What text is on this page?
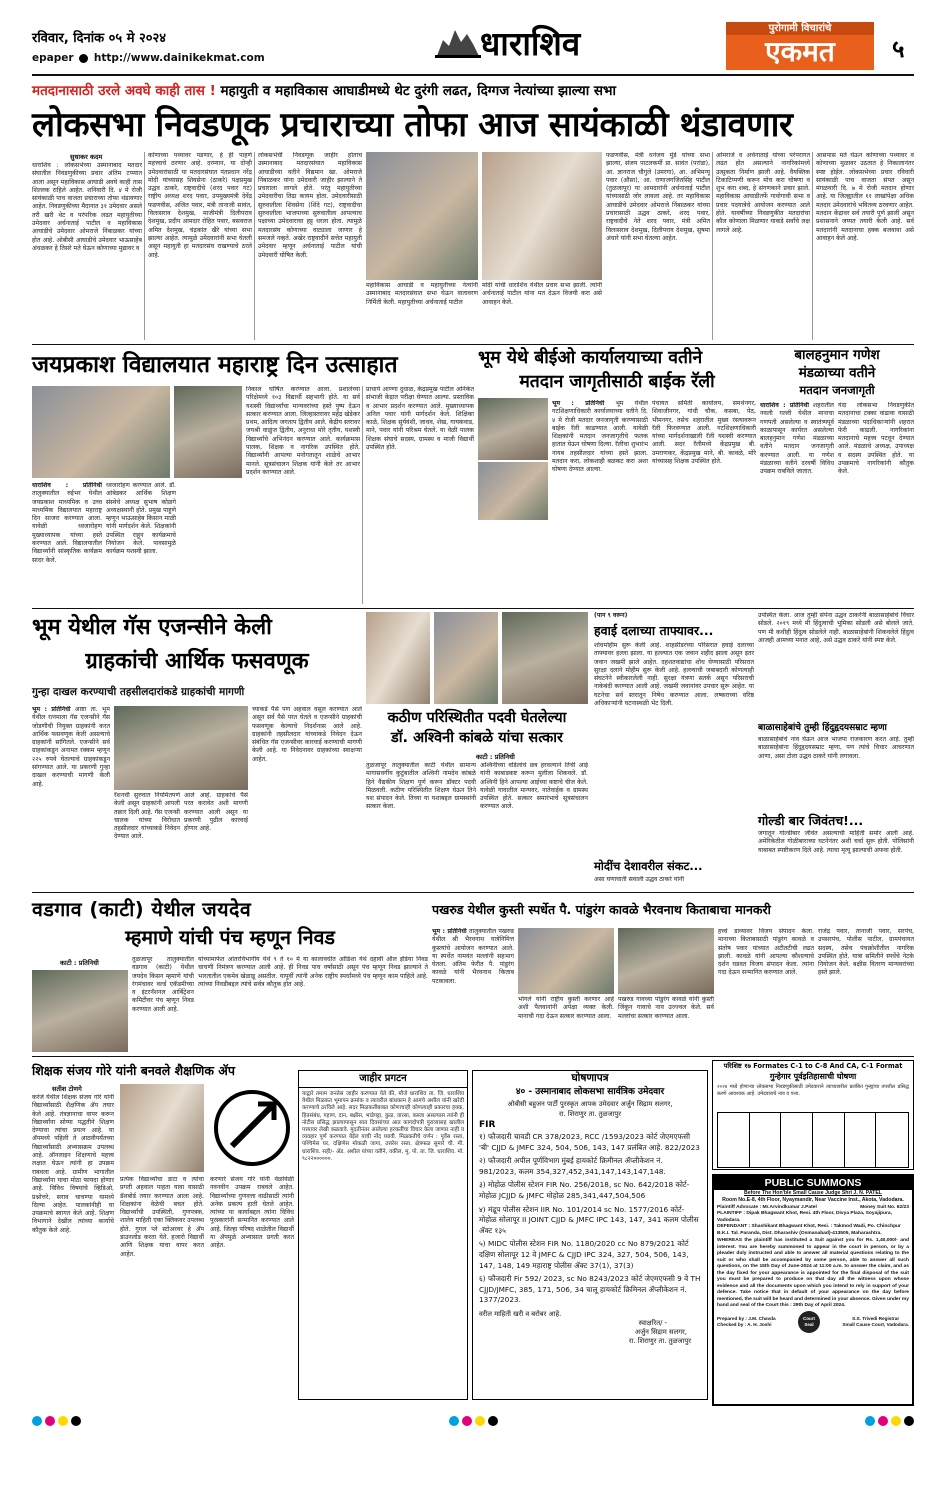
रविवार, दिनांक ०५ मे २०२४
epaper http://www.dainikekmat.com	धाराशिव	पुरोगामी विचारांचे
एकमत	५
मतदानासाठी उरले अवघे काही तास ! महायुती व महाविकास आघाडीमध्ये थेट दुरंगी लढत, दिग्गज नेत्यांच्या झाल्या सभा
लोकसभा निवडणूक प्रचाराच्या तोफा आज सायंकाळी थंडावणार
सुधाकर कदम
धाराशिव : लोकसभेच्या उस्मानाबाद मतदार संघातील निवडणुकीच्या प्रचार अंतिम टप्प्यात आला असून महाविकास आघाडी अवघे काही तास शिल्लक राहिले आहेत. शनिवारी दि. ४ मे रोजी सायंकाळी पाच वाजता प्रचाराच्या तोफा थंडावणार आहेत. निवडणुकीच्या मैदानात ३१ उमेदवार असले तरी खरी थेट व परंपरिक लढत महायुतीच्या उमेदवार अर्चनाताई पाटील व महाविकास आघाडीचे उमेदवार ओमराजे निंबाळकर यांच्या होत आहे. ओबीसी आघाडीचे उमेदवार भाऊसाहेब अंधळकर हे तिसरे मते घेऊन कोणाच्या मुद्यावर व
कोणाच्या पथ्यावर पडणार, हे ही पाहणे महत्त्वाचे ठरणार आहे. दरम्यान, या दोन्ही उमेदवारांसाठी या मतदारसंघात पंतप्रधान नरेंद्र मोदी यांच्यासह शिवसेना (ठाकरे) पक्षप्रमुख उद्धव ठाकरे, राष्ट्रवादीचे (शरद पवार गट) राष्ट्रीय अध्यक्ष शरद पवार, उपमुख्यमंत्री देवेंद्र फडणवीस, अजित पवार, मंत्री तानाजी सावंत, विलासराव देशमुख, माजीमंत्री दिलीपराव देशमुख, प्रदीप आमदार रोहित पवार, बसवराज अमित देशमुख, चंद्रकांत खैरे यांच्या सभा झाल्या आहेत. त्यामुळे उमेदवारांनी सभा घेतली असून महायुती हा मतदारसंघ राखण्याचे ठरले आहे.
लोकसभेची निवडणूक जाहीर होताच उस्मानाबाद मतदारसंघात महाविकास आघाडीच्या वतीने विद्यमान खा. ओमराजे निंबाळकर यांना उमेदवारी जाहीर झाल्याने ते प्रचाराला लागले होते. परंतु महायुतीच्या उमेदवारीचा तिढा कायम होता. उमेदवारीसाठी सुरुवातीला शिवसेना (शिंदे गट), राष्ट्रवादीचा सुरुवातीला भाजपाच्या सुरुवातीला आपल्याच पक्षाच्या उमेदवाराचा हट्ट धरला होता. त्यामुळे मतदारसंघ कोणाच्या वाट्याला जाणार हे समजले नव्हते. अखेर राष्ट्रवादीने सत्तेत महायुती उमेदवार म्हणून अर्चनाताई पाटील यांची उमेदवारी घोषित केली.
महाविकास आघाडी व महायुतीच्या नेत्यांनी उस्मानाबाद मतदारसंघात सभा घेऊन वातावरण निर्मिती केली. महायुतीच्या अर्चनाताई पाटील
मोदी यांची धाराशिव येथील प्रचार सभा झाली. त्यांनी अर्चनाताई पाटील यांना मत देऊन विजयी करा असे आवाहन केले.
फडणवीस, मंत्री धनंजय मुंडे यांच्या सभा झाल्या, संजय पाटलकर्मी प्रा. सावंत (परांडा), आ. ज्ञानराज चौगुले (उमरगा), आ. अभिमन्यू पवार (औसा), आ. राणाजगजितसिंह पाटील (तुळजापूर) या आमदारांनी अर्चनाताई पाटील यांच्यासाठी जोर लावला आहे. तर महाविकास आघाडीचे उमेदवार ओमराजे निंबाळकर यांच्या प्रचारासाठी उद्धव ठाकरे, शरद पवार, राष्ट्रवादीचे नेते शरद पवार, मंत्री अमित विलासराव देशमुख, दिलीपराव देशमुख, सुषमा अंधारे यांनी सभा घेतल्या आहेत.
ओमराजे व अर्चनाताई यांच्या परंपरागत लढत होत असल्याने नागरिकांमध्ये उत्सुकता निर्माण झाली आहे. वैयक्तिक टिकाटिप्पणी करून मोच करा घोषणा व शुभ करा शब्द, हे संगणकाने प्रचार झाले. महाविकास आघाडीतर्फे गावोगावी सभा व प्रचार पदयात्रेचे आयोजन करण्यात आले होते. यावर्षीच्या निवडणुकीत मतदारांचा कौल कोणाला मिळणार याकडे सर्वांचे लक्ष लागले आहे.
आसपास मते घेऊन कोणाच्या पथ्यावर व कोणाच्या मुळावर उठतात हे निकालानंतर स्पष्ट होईल. लोकसभेच्या प्रचार रविवारी सायंकाळी पाच वाजता संपत असून मंगळवारी दि. ७ मे रोजी मतदान होणार आहे. या जिल्ह्यातील ११ लाखांपेक्षा अधिक मतदार उमेदवारांचे भवितव्य ठरवणार आहेत. मतदान केंद्रावर सर्व तयारी पूर्ण झाली असून प्रशासनाने जय्यत तयारी केली आहे. सर्व मतदारांनी मतदानाचा हक्क बजवावा असे आवाहन केले आहे.
जयप्रकाश विद्यालयात महाराष्ट्र दिन उत्साहात
धाराशिव : प्रतिनिधी तालुक्यातील रुईभर येथील जयप्रकाश माध्यमिक व उच्च माध्यमिक विद्यालयात महाराष्ट्र दिन साजरा करण्यात आला. यावेळी ध्वजारोहण मुख्याध्यापक यांच्या हस्ते करण्यात आले. विद्यालयातील विद्यार्थ्यांनी सांस्कृतिक कार्यक्रम सादर केले.
ध्वजारोहण करण्यात आले. डॉ. आंबेडकर आर्थिक शिक्षण संस्थेचे अध्यक्ष सुभाष कोळगे अध्यक्षस्थानी होते. प्रमुख पाहुणे म्हणून भाऊसाहेब किसान माळी यांनी मार्गदर्शन केले. शिक्षकांनी उपस्थित राहून कार्यक्रमाचे नियोजन केले. पावसामुळे कार्यक्रम यशस्वी झाला.
निकाल घोषित करण्यात आला. प्रशालेच्या परिक्षेमध्ये १०३ विद्यार्थी सहभागी होते. या सर्व यशस्वी विद्यार्थ्यांचा मान्यवरांच्या हस्ते पुष्प देऊन सत्कार करण्यात आला. जिल्हास्तरावर महेंद्र खेडेकर प्रथम, आदित्य जगताप द्वितीय आले. केंद्रीय स्तरावर जयश्री वाळुंज द्वितीय, अनुराधा मोरे तृतीय, यशस्वी विद्यार्थ्यांचे अभिनंदन करण्यात आले. कार्यक्रमास पालक, शिक्षक व नागरिक उपस्थित होते. विद्यार्थ्यांनी आपल्या मनोगतातून शाळेचे आभार मानले. सूत्रसंचालन शिक्षक यांनी केले तर आभार प्रदर्शन करण्यात आले.
प्राचार्य आण्णा दुधाळ, केंद्रप्रमुख पाटील अनिकेत संभाजी केंद्रात परीक्षा घेण्यात आल्या. प्रस्ताविक व आभार प्रदर्शन करण्यात आले. मुख्याध्यापक अनिल पवार यांनी मार्गदर्शन केले. शिक्षिका काळे, शिक्षक सूर्यवंशी, जाधव, शेख, गायकवाड, माने, पवार यांनी परिश्रम घेतले. या वेळी पालक शिक्षक संघाचे सदस्य, ग्रामस्थ व माजी विद्यार्थी उपस्थित होते.
भूम येथे बीईओ कार्यालयाच्या वतीने
मतदान जागृतीसाठी बाईक रॅली
भूम : प्रतिनिधी भूम येथील गटशिक्षणाधिकारी कार्यालयाच्या वतीने दि. ४ मे रोजी मतदार जनजागृती करण्यासाठी बाईक रॅली काढण्यात आली. यावेळी शिक्षकांनी मतदान जनजागृतीचे फलक हातात घेऊन घोषणा दिल्या. रॅलीचा शुभारंभ नायब तहसीलदार यांच्या हस्ते झाला. मतदान करा, लोकशाही बळकट करा अशा घोषणा देण्यात आल्या.
पंचायत समिती कार्यालय, समर्थनगर, शिवाजीनगर, गांधी चौक, कसबा, पेठ, भीमनगर, तसेच शहरातील मुख्य रस्त्यावरून रॅली फिरवण्यात आली. गटशिक्षणाधिकारी यांच्या मार्गदर्शनाखाली रॅली यशस्वी करण्यात आली. सदर रॅलीमध्ये केंद्रप्रमुख बी. उमराणकर, केंद्रप्रमुख माने, बी. कावळे, मोरे यांच्यासह शिक्षक उपस्थित होते.
बालहनुमान गणेश
मंडळाच्या वतीने
मतदान जनजागृती
धाराशिव : प्रतिनिधी शहरातील नवली गल्ली येथील मानाचा गणपती असलेल्या व स्वातंत्र्यपूर्व काळापासून कार्यरत असलेल्या बालहनुमान गणेश मंडळाच्या वतीने मतदान जनजागृती करण्यात आली. या गणेश मंडळाच्या वतीने दरवर्षी विविध उपक्रम राबविले जातात.
यंदा लोकसभा निवडणुकीत मतदानाचा टक्का वाढावा यासाठी मंडळाच्या पदाधिकाऱ्यांनी शहरात फेरी काढली. नागरिकांना मतदानाचे महत्त्व पटवून देण्यात आले. मंडळाचे अध्यक्ष, उपाध्यक्ष व सदस्य उपस्थित होते. या उपक्रमाचे नागरिकांनी कौतुक केले.
भूम येथील गॅस एजन्सीने केली
ग्राहकांची आर्थिक फसवणूक
गुन्हा दाखल करण्याची तहसीलदारांकडे ग्राहकांची मागणी
भूम : प्रतिनिधी आष्टा ता. भूम येथील रत्नमाला गॅस एजन्सीने गॅस जोडणीची नियुक्त ग्राहकांनी करत आर्थिक फसवणूक केली असल्याचे ग्राहकांनी सांगितले. एजन्सीने सर्व ग्राहकांकडून अनामत रक्कम म्हणून २२५ रुपये घेतल्याचे ग्राहकांकडून सांगण्यात आले. या प्रकरणी गुन्हा दाखल करण्याची मागणी केली आहे.
रॅशनची सुरुवात नियमितपणे केली असून ग्राहकांनी आपली तक्रार दिली आहे. गॅस एजन्सी चालक यांच्या विरोधात तहसीलदार यांच्याकडे निवेदन देण्यात आले.
आले आहे. ग्राहकांचे पैसे परत करावेत अशी मागणी करण्यात आली असून या प्रकरणी पुढील कारवाई होणार आहे.
च्याकडे पैसे पण अहवाल वसूल करण्यात आले असून सर्व पैसे परत घेतले व एजन्सीने ग्राहकांची फसवणूक केल्याचे निदर्शनास आले आहे. ग्राहकांनी तहसीलदार यांच्याकडे निवेदन देऊन संबंधित गॅस एजन्सीवर कारवाई करण्याची मागणी केली आहे. या निवेदनावर ग्राहकांच्या स्वाक्षऱ्या आहेत.
कठीण परिस्थितीत पदवी घेतलेल्या
डॉ. अश्विनी कांबळे यांचा सत्कार
काटी : प्रतिनिधी
तुळजापूर तालुक्यातील काटी येथील सामान्य मागासवर्गीय कुटुंबातील अश्विनी नामदेव कांबळे हिने वैद्यकीय शिक्षण पूर्ण करून डॉक्टर पदवी मिळवली. कठीण परिस्थितीत शिक्षण घेऊन तिने यश संपादन केले. तिच्या या यशाबद्दल ग्रामस्थांनी सत्कार केला.
अश्विनीच्या वडिलांचे छत्र हरवल्याने तिची आई यांनी काबाडकष्ट करून मुलीला शिकवले. डॉ. अश्विनी हिने आपल्या आईच्या कष्टाचे चीज केले. यावेळी गावातील मान्यवर, नातेवाईक व ग्रामस्थ उपस्थित होते. सत्कार समारंभाचे सूत्रसंचालन करण्यात आले.
(पान ९ वरून)
हवाई दलाच्या ताफ्यावर...
शोधमोहीम सुरू केली आहे. शाहसीडरच्या परिसरात हवाई दलाच्या ताफ्यावर हल्ला झाला. या हल्ल्यात एक जवान शहीद झाला असून इतर जवान जखमी झाले आहेत. दहशतवाद्यांचा शोध घेण्यासाठी परिसरात सुरक्षा दलाने मोहीम सुरू केली आहे. हल्ल्याची जबाबदारी कोणत्याही संघटनेने स्वीकारलेली नाही. सुरक्षा यंत्रणा सतर्क असून परिसराची नाकेबंदी करण्यात आली आहे. जखमी जवानांवर उपचार सुरू आहेत. या घटनेचा सर्व स्तरातून निषेध करण्यात आला. लष्कराच्या वरिष्ठ अधिकाऱ्यांनी घटनास्थळी भेट दिली.
मोदींच देशावरील संकट...
असा घणाघाती सवाली उद्धव ठाकरे यांनी
उपस्थित केला. आज तुम्ही संपेना उद्धव ठाकरेंनी बाळासाहेबांचे विचार सोडले. २०१९ मध्ये मी हिंदुत्वाची भूमिका सोडली असे बोलले जाते. पण मी कधीही हिंदुत्व सोडलेले नाही. बाळासाहेबांनी शिकवलेले हिंदुत्व आजही आमच्या मनात आहे, असे उद्धव ठाकरे यांनी स्पष्ट केले.
बाळासाहेबांचे तुम्ही हिंदुहृदयसम्राट म्हणा
बाळासाहेबांचे नाव घेऊन आज भाजपा राजकारण करत आहे. तुम्ही बाळासाहेबांना हिंदुहृदयसम्राट म्हणा, पण त्यांचे विचार आचरणात आणा, असा टोला उद्धव ठाकरे यांनी लगावला.
गोल्डी बार जिवंतच!...
जगातून गोल्डीबार जीवंत असल्याची माहिती समोर आली आहे. अमेरिकेतील गोळीबाराच्या घटनेनंतर अशी चर्चा सुरू होती. पोलिसांनी याबाबत स्पष्टीकरण दिले आहे. त्याचा मृत्यू झाल्याची अफवा होती.
वडगाव (काटी) येथील जयदेव
म्हमाणे यांची पंच म्हणून निवड
काटी : प्रतिनिधी	तुळजापूर तालुक्यातील वडगाव (काटी) येथील जयदेव किसन म्हमाणे यांची रंगमंचावर वर्ल्ड एकॅडमीच्या व इंटरनॅशनल आर्बिट्रेशन कमिटीवर पंच म्हणून निवड करण्यात आली आहे.
यांच्यामार्फत आंतरविभागीय येथे ९ ते १० मे या कालावधीत ओडिशा येथे दहावी ऑल इंडिया निवड चाचणी निमंत्रण करण्यात आली आहे. ही निवड पाच वर्षांसाठी असून पंच म्हणून निवड झाल्याने ते भारतातील एकमेव खेळाडू असतील. यापूर्वी त्यांनी अनेक राष्ट्रीय स्पर्धांमध्ये पंच म्हणून काम पाहिले आहे. त्यांच्या निवडीबद्दल त्यांचे सर्वत्र कौतुक होत आहे.
पखरुड येथील कुस्ती स्पर्धेत पै. पांडुरंग कावळे भैरवनाथ किताबाचा मानकरी
भूम : प्रतिनिधी तालुक्यातील पखरुड येथील श्री भैरवनाथ यात्रेनिमित्त कुस्त्यांचे आयोजन करण्यात आले. या स्पर्धेत नामवंत मल्लांनी सहभाग घेतला. अंतिम फेरीत पै. पांडुरंग कावळे यांनी भैरवनाथ किताब पटकावला.
भोगले यांनी राष्ट्रीय कुस्ती करणार आहे अशी पैलवानांनी अपेक्षा व्यक्त केली. मानाची गदा देऊन सत्कार करण्यात आला.
पखरुड गावच्या पांडुरंग कावळे यांनी कुस्ती जिंकून गावाचे नाव उज्ज्वल केले. सर्व मल्लांचा सत्कार करण्यात आला.
हच्चे डाव्यावर विजय संपादन केला. मानाच्या किताबासाठी पांडुरंग कावळे व संतोष पवार यांच्यात अटीतटीची लढत झाली. कावळे यांनी आपल्या कौशल्याचे दर्शन घडवत विजय संपादन केला. त्यांना गदा देऊन सन्मानित करण्यात आले.
राजेंद्र पवार, तानाजी पवार, सरपंच, उपसरपंच, पोलीस पाटील, ग्रामपंचायत सदस्य, तसेच पंचक्रोशीतील नागरिक उपस्थित होते. यात्रा समितीने स्पर्धेचे नेटके नियोजन केले. बक्षीस वितरण मान्यवरांच्या हस्ते झाले.
शिक्षक संजय गोरे यांनी बनवले शैक्षणिक ॲप
सतीश टोणगे
करंजे येथील शिक्षक संजय गोरे यांनी विद्यार्थ्यांसाठी शैक्षणिक ॲप तयार केले आहे. तंत्रज्ञानाचा वापर करून विद्यार्थ्यांना सोप्या पद्धतीने शिक्षण देण्याचा त्यांचा प्रयत्न आहे. या ॲपमध्ये पहिली ते आठवीपर्यंतच्या विद्यार्थ्यांसाठी अभ्यासक्रम उपलब्ध आहे. ऑनलाइन शिक्षणाचे महत्त्व लक्षात घेऊन त्यांनी हा उपक्रम राबवला आहे. ग्रामीण भागातील विद्यार्थ्यांना याचा मोठा फायदा होणार आहे. विविध विषयांचे व्हिडिओ, प्रश्नोत्तरे, सराव चाचण्या यामध्ये दिल्या आहेत. पालकांनीही या उपक्रमाचे स्वागत केले आहे. शिक्षण विभागाने देखील त्यांच्या कार्याचे कौतुक केले आहे.
प्रत्येक विद्यार्थ्यांचा डाटा व त्यांचा प्रगती अहवाल पाहता यावा यासाठी डॅशबोर्ड तयार करण्यात आला आहे. शिक्षकांना वेळेची बचत होते. विद्यार्थ्यांची उपस्थिती, गुणपत्रक, शालेय माहिती एका क्लिकवर उपलब्ध होते. गुगल प्ले स्टोअरवर हे ॲप डाउनलोड करता येते. हजारो विद्यार्थी आणि शिक्षक याचा वापर करत आहेत.
करणारे संजय गोरे यांनी वेळोवेळी नवनवीन उपक्रम राबवले आहेत. विद्यार्थ्यांच्या गुणवत्ता वाढीसाठी त्यांनी अनेक प्रकल्प हाती घेतले आहेत. त्यांच्या या कार्याबद्दल त्यांना विविध पुरस्कारांनी सन्मानित करण्यात आले आहे. जिल्हा परिषद शाळेतील विद्यार्थी या ॲपमुळे अभ्यासात प्रगती करत आहेत.
जाहीर प्रगटन
याद्वारे तमाम जनतेस जाहीर करण्यात येते की, मौजे धाराशिव ता. जि. धाराशिव येथील मिळकत भूमापन क्रमांक व त्यावरील बांधकाम हे आमचे अशील यांनी खरेदी करण्याचे ठरविले आहे. सदर मिळकतीबाबत कोणाचाही कोणत्याही प्रकारचा हक्क, हितसंबंध, गहाण, दान, बक्षीस, भाडेपट्टा, कुळ, वारसा, कब्जा असल्यास त्यांनी ही नोटीस प्रसिद्ध झाल्यापासून सात दिवसांच्या आत कागदोपत्री पुराव्यासह खालील पत्त्यावर लेखी कळवावे. मुदतीनंतर आलेल्या हरकतींचा विचार केला जाणार नाही व व्यवहार पूर्ण करण्यात येईल याची नोंद घ्यावी. मिळकतीचे वर्णन : पूर्वेस रस्ता, पश्चिमेस घर, दक्षिणेस मोकळी जागा, उत्तरेस रस्ता. क्षेत्रफळ सुमारे चौ. मी. धाराशिव. सही/- ॲड. अशील यांच्या वतीने, वकील, मु. पो. ता. जि. धाराशिव. मो. ९८२२००००००.
घोषणापत्र
४० - उस्मानाबाद लोकसभा सार्वत्रिक उमेदवार
ओबीसी बहुजन पार्टी पुरस्कृत आपक उमेदवार अर्जुन सिद्राम सलगर,
रा. शिराणुर ता. तुळजापुर
FIR
१) फौजदारी चावडी CR 378/2023, RCC /1593/2023 कोर्ट जेएमएफसी 'बी' CJJD & JMFC 324, 504, 506, 143, 147 प्रलंबित आहे. 822/2023
२) फौजदारी अपील पूर्णविभाग मुंबई हायकोर्ट क्रिमीनल ॲप्लीकेशन नं. 981/2023, कलम 354,327,452,341,147,143,147,148.
३) मोहोळ पोलीस स्टेशन FIR No. 256/2018, sc No. 642/2018 कोर्ट- मोहोळ JCJJD & JMFC मोहोळ 285,341,447,504,506
४) मंद्रूप पोलीस स्टेशन IIR No. 101/2014 sc No. 1577/2016 कोर्ट- मोहोळ सोलापूर II JOINT CJJD & JMFC IPC 143, 147, 341 कलम पोलीस ॲक्ट १३५
५) MIDC पोलीस स्टेशन FIR No. 1180/2020 cc No 879/2021 कोर्ट दक्षिण सोलापूर 12 वे JMFC & CJJD IPC 324, 327, 504, 506, 143, 147, 148, 149 महाराष्ट्र पोलीस ॲक्ट 37(1), 37(3)
६) फौजदारी Fir 592/ 2023, sc No 8243/2023 कोर्ट जेएमएफसी 9 वे TH CJJD/JMFC, 385, 171, 506, 34 चालू हायकोर्ट क्रिमिनल ॲप्लीकेशन नं. 1377/2023.
वरील माहिती खरी व बरोबर आहे.
स्वाक्षरित/ -
अर्जुन सिद्राम सलगर,
रा. शिराणुर ता. तुळजापुर
परिशिष्ट १७ Formates C-1 to C-8 And CA, C-1 Format
गुन्हेगार पूर्वइतिहासाची घोषणा
२०२४ मध्ये होणाऱ्या लोकसभा निवडणुकीसाठी उमेदवाराने त्याच्यावरील प्रलंबित गुन्ह्यांचा तपशील प्रसिद्ध करणे आवश्यक आहे. उमेदवाराचे नाव व पत्ता.
PUBLIC SUMMONS
Before The Hon'ble Small Cause Judge Shri J. N. PATEL
Room No.E-8, 4th Floor, Nyaymandir, Near Vaccine Inst., Akota, Vadodara.
Plaintiff Advocate : Mr.Arvindkumar J.Patel	Money Suit No. 62/23
PLAINTIFF : Dipak Bhagwant Khot, Resi. 4th Floor, Divya Plaza, Soyajipura, Vadodara.
DEFENDANT : Shashikant Bhagwant Khot, Resi. : Takmod Wadi, Po. Chinchpur B.K.I. Tal. Paranda, Dist. Dharashiv (Osmanabad)-413505, Maharashtra.
WHEREAS the plaintiff has instituted a Suit against you for Rs. 1,40,000/- and interest. You are hereby summoned to appear in the court in person, or by a pleader duly instructed and able to answer all material questions relating to the suit or who shall be accompanied by some person, able to answer all such questions, on the 15th Day of June-2024 at 11:00 a.m. to answer the claim, and as the day fixed for your appearance is appointed for the final disposal of the suit you must be prepared to produce on that day all the witness upon whose evidence and all the documents upon which you intend to rely in support of your defence. Take notice that in default of your appearance on the day before mentioned, the suit will be heard and determined in your absence. Given under my hand and seal of the Court this : 29th Day of April 2024.
Prepared by : J.M. Chavda
Checked by : A. H. Joshi
Court Seal
S.S. Trivedi Registrar
Small Cause Court, Vadodara.
